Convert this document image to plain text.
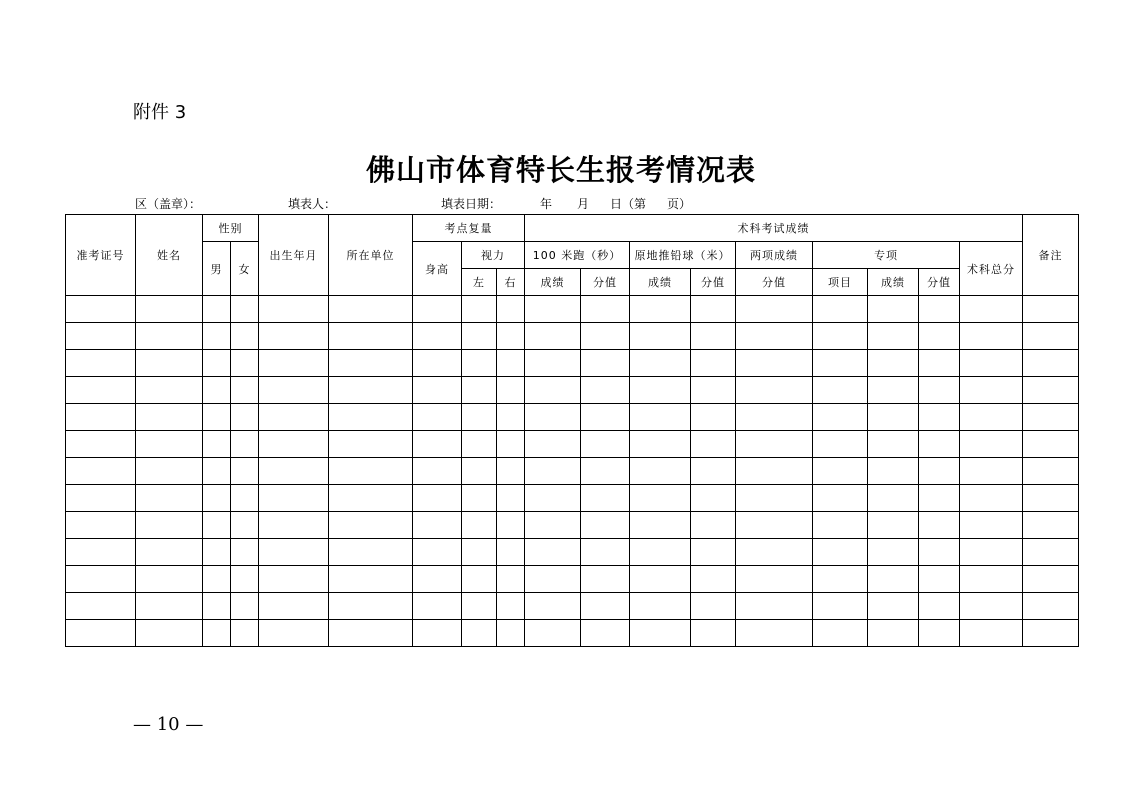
附件 3
佛山市体育特长生报考情况表
区（盖章）：	填表人：	填表日期：	年 月 日（第 页）
准考证号	姓名	性别		出生年月	所在单位	考点复量			术科考试成绩									备注
		男	女			身高	视力		100 米跑（秒）		原地推铅球（米）		两项成绩	专项			术科总分	
							左	右	成绩	分值	成绩	分值	分值	项目	成绩	分值		

— 10 —
